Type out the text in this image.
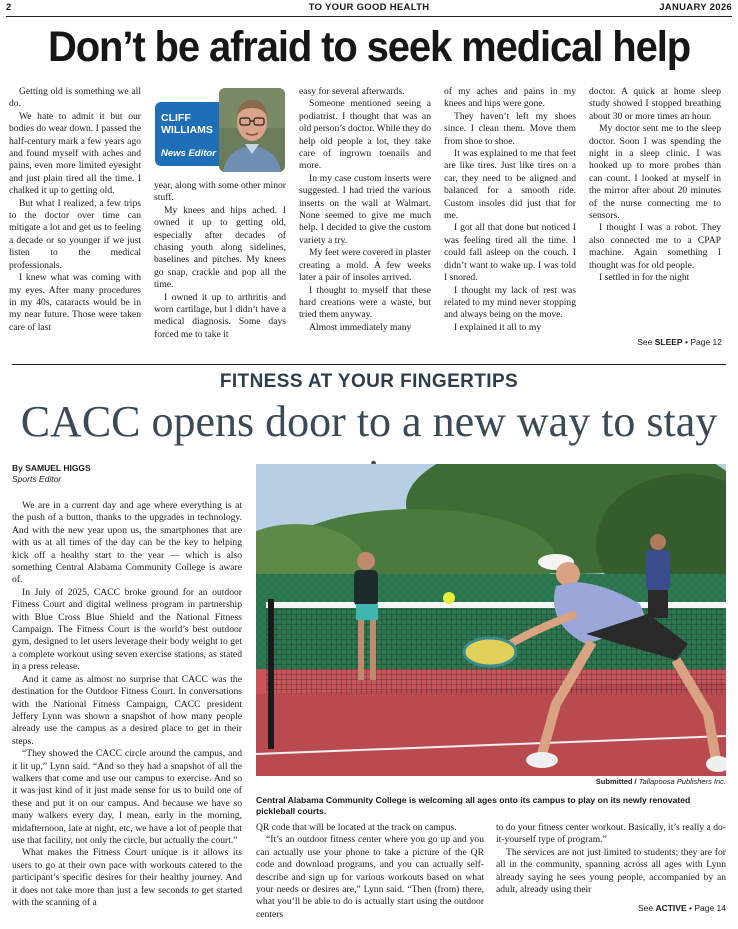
2	TO YOUR GOOD HEALTH	JANUARY 2026
Don’t be afraid to seek medical help

Getting old is something we all do.

We hate to admit it but our bodies do wear down. I passed the half-century mark a few years ago and found myself with aches and pains, even more limited eyesight and just plain tired all the time. I chalked it up to getting old.

But what I realized, a few trips to the doctor over time can mitigate a lot and get us to feeling a decade or so younger if we just listen to the medical professionals.

I knew what was coming with my eyes. After many procedures in my 40s, cataracts would be in my near future. Those were taken care of last

CLIFF
WILLIAMS
News Editor

year, along with some other minor stuff.

My knees and hips ached. I owned it up to getting old, especially after decades of chasing youth along sidelines, baselines and pitches. My knees go snap, crackle and pop all the time.

I owned it up to arthritis and worn cartilage, but I didn’t have a medical diagnosis. Some days forced me to take it

easy for several afterwards.

Someone mentioned seeing a podiatrist. I thought that was an old person’s doctor. While they do help old people a lot, they take care of ingrown toenails and more.

In my case custom inserts were suggested. I had tried the various inserts on the wall at Walmart. None seemed to give me much help. I decided to give the custom variety a try.

My feet were covered in plaster creating a mold. A few weeks later a pair of insoles arrived.

I thought to myself that these hard creations were a waste, but tried them anyway.

Almost immediately many

of my aches and pains in my knees and hips were gone.

They haven’t left my shoes since. I clean them. Move them from shoe to shoe.

It was explained to me that feet are like tires. Just like tires on a car, they need to be aligned and balanced for a smooth ride. Custom insoles did just that for me.

I got all that done but noticed I was feeling tired all the time. I could fall asleep on the couch. I didn’t want to wake up. I was told I snored.

I thought my lack of rest was related to my mind never stopping and always being on the move.

I explained it all to my

doctor. A quick at home sleep study showed I stopped breathing about 30 or more times an hour.

My doctor sent me to the sleep doctor. Soon I was spending the night in a sleep clinic. I was hooked up to more probes than can count. I looked at myself in the mirror after about 20 minutes of the nurse connecting me to sensors.

I thought I was a robot. They also connected me to a CPAP machine. Again something I thought was for old people.

I settled in for the night

See SLEEP • Page 12
FITNESS AT YOUR FINGERTIPS
CACC opens door to a new way to stay
By SAMUEL HIGGS
Sports Editor

We are in a current day and age where everything is at the push of a button, thanks to the upgrades in technology. And with the new year upon us, the smartphones that are with us at all times of the day can be the key to helping kick off a healthy start to the year — which is also something Central Alabama Community College is aware of.

In July of 2025, CACC broke ground for an outdoor Fitness Court and digital wellness program in partnership with Blue Cross Blue Shield and the National Fitness Campaign. The Fitness Court is the world’s best outdoor gym, designed to let users leverage their body weight to get a complete workout using seven exercise stations, as stated in a press release.

And it came as almost no surprise that CACC was the destination for the Outdoor Fitness Court. In conversations with the National Fitness Campaign, CACC president Jeffery Lynn was shown a snapshot of how many people already use the campus as a desired place to get in their steps.

“They showed the CACC circle around the campus, and it lit up,” Lynn said. “And so they had a snapshot of all the walkers that come and use our campus to exercise. And so it was just kind of it just made sense for us to build one of these and put it on our campus. And because we have so many walkers every day, I mean, early in the morning, midafternoon, late at night, etc, we have a lot of people that use that facility, not only the circle, but actually the court.”

What makes the Fitness Court unique is it allows its users to go at their own pace with workouts catered to the participant’s specific desires for their healthy journey. And it does not take more than just a few seconds to get started with the scanning of a

Submitted / Tallapoosa Publishers Inc.
Central Alabama Community College is welcoming all ages onto its campus to play on its newly renovated pickleball courts.

QR code that will be located at the track on campus.

“It’s an outdoor fitness center where you go up and you can actually use your phone to take a picture of the QR code and download programs, and you can actually self-describe and sign up for various workouts based on what your needs or desires are,” Lynn said. “Then (from) there, what you’ll be able to do is actually start using the outdoor centers

to do your fitness center workout. Basically, it’s really a do-it-yourself type of program.”

The services are not just limited to students; they are for all in the community, spanning across all ages with Lynn already saying he sees young people, accompanied by an adult, already using their

See ACTIVE • Page 14
